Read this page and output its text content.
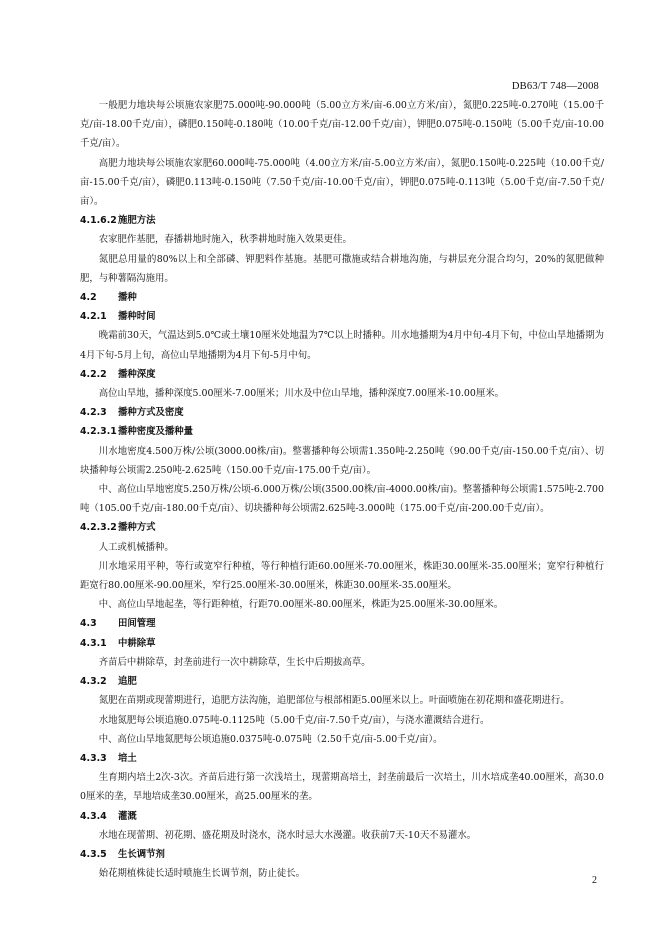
DB63/T 748—2008

一般肥力地块每公顷施农家肥75.000吨-90.000吨（5.00立方米/亩-6.00立方米/亩），氮肥0.225吨-0.270吨（15.00千克/亩-18.00千克/亩），磷肥0.150吨-0.180吨（10.00千克/亩-12.00千克/亩），钾肥0.075吨-0.150吨（5.00千克/亩-10.00千克/亩）。

高肥力地块每公顷施农家肥60.000吨-75.000吨（4.00立方米/亩-5.00立方米/亩），氮肥0.150吨-0.225吨（10.00千克/亩-15.00千克/亩），磷肥0.113吨-0.150吨（7.50千克/亩-10.00千克/亩），钾肥0.075吨-0.113吨（5.00千克/亩-7.50千克/亩）。

4.1.6.2施肥方法

农家肥作基肥，春播耕地时施入，秋季耕地时施入效果更佳。

氮肥总用量的80%以上和全部磷、钾肥料作基施。基肥可撒施或结合耕地沟施，与耕层充分混合均匀，20%的氮肥做种肥，与种薯隔沟施用。

4.2 播种
4.2.1 播种时间

晚霜前30天，气温达到5.0℃或土壤10厘米处地温为7℃以上时播种。川水地播期为4月中旬-4月下旬，中位山旱地播期为4月下旬-5月上旬，高位山旱地播期为4月下旬-5月中旬。

4.2.2 播种深度

高位山旱地，播种深度5.00厘米-7.00厘米；川水及中位山旱地，播种深度7.00厘米-10.00厘米。

4.2.3 播种方式及密度
4.2.3.1播种密度及播种量

川水地密度4.500万株/公顷(3000.00株/亩)。整薯播种每公顷需1.350吨-2.250吨（90.00千克/亩-150.00千克/亩）、切块播种每公顷需2.250吨-2.625吨（150.00千克/亩-175.00千克/亩）。

中、高位山旱地密度5.250万株/公顷-6.000万株/公顷(3500.00株/亩-4000.00株/亩)。整薯播种每公顷需1.575吨-2.700吨（105.00千克/亩-180.00千克/亩）、切块播种每公顷需2.625吨-3.000吨（175.00千克/亩-200.00千克/亩）。

4.2.3.2播种方式

人工或机械播种。

川水地采用平种，等行或宽窄行种植，等行种植行距60.00厘米-70.00厘米，株距30.00厘米-35.00厘米；宽窄行种植行距宽行80.00厘米-90.00厘米，窄行25.00厘米-30.00厘米，株距30.00厘米-35.00厘米。

中、高位山旱地起垄，等行距种植，行距70.00厘米-80.00厘米，株距为25.00厘米-30.00厘米。

4.3 田间管理
4.3.1 中耕除草

齐苗后中耕除草，封垄前进行一次中耕除草，生长中后期拔高草。

4.3.2 追肥

氮肥在苗期或现蕾期进行，追肥方法沟施，追肥部位与根部相距5.00厘米以上。叶面喷施在初花期和盛花期进行。

水地氮肥每公顷追施0.075吨-0.1125吨（5.00千克/亩-7.50千克/亩），与浇水灌溉结合进行。

中、高位山旱地氮肥每公顷追施0.0375吨-0.075吨（2.50千克/亩-5.00千克/亩）。

4.3.3 培土

生育期内培土2次-3次。齐苗后进行第一次浅培土，现蕾期高培土，封垄前最后一次培土，川水培成垄40.00厘米，高30.00厘米的垄，旱地培成垄30.00厘米，高25.00厘米的垄。

4.3.4 灌溉

水地在现蕾期、初花期、盛花期及时浇水，浇水时忌大水漫灌。收获前7天-10天不易灌水。

4.3.5 生长调节剂

始花期植株徒长适时喷施生长调节剂，防止徒长。

2
